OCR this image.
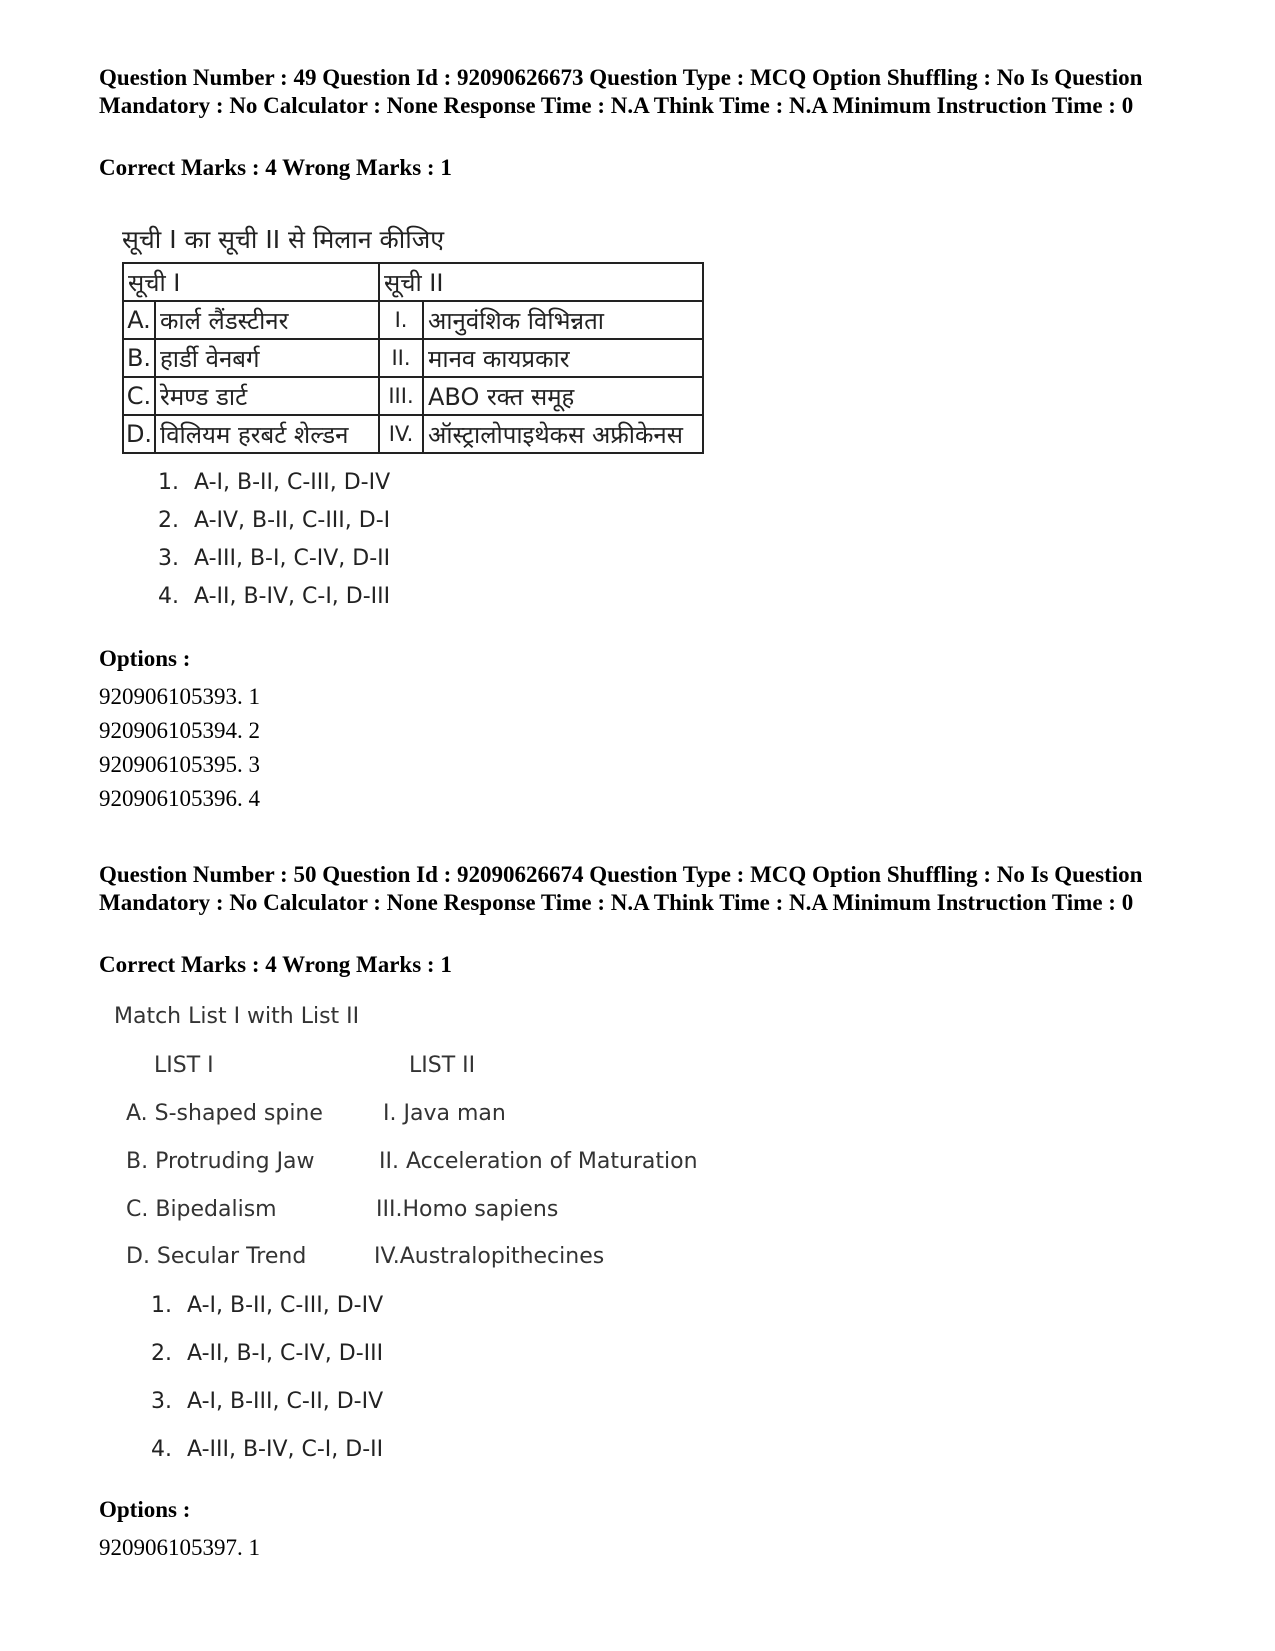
Question Number : 49 Question Id : 92090626673 Question Type : MCQ Option Shuffling : No Is Question Mandatory : No Calculator : None Response Time : N.A Think Time : N.A Minimum Instruction Time : 0
Correct Marks : 4 Wrong Marks : 1
सूची I का सूची II से मिलान कीजिए
सूची I		सूची II	
A.	कार्ल लैंडस्टीनर	I.	आनुवंशिक विभिन्नता
B.	हार्डी वेनबर्ग	II.	मानव कायप्रकार
C.	रेमण्ड डार्ट	III.	ABO रक्त समूह
D.	विलियम हरबर्ट शेल्डन	IV.	ऑस्ट्रालोपाइथेकस अफ्रीकेनस
1. A-I, B-II, C-III, D-IV
2. A-IV, B-II, C-III, D-I
3. A-III, B-I, C-IV, D-II
4. A-II, B-IV, C-I, D-III
Options :
920906105393. 1
920906105394. 2
920906105395. 3
920906105396. 4
Question Number : 50 Question Id : 92090626674 Question Type : MCQ Option Shuffling : No Is Question Mandatory : No Calculator : None Response Time : N.A Think Time : N.A Minimum Instruction Time : 0
Correct Marks : 4 Wrong Marks : 1
Match List I with List II
LIST I	LIST II
A. S-shaped spine	I. Java man
B. Protruding Jaw	II. Acceleration of Maturation
C. Bipedalism	III.Homo sapiens
D. Secular Trend	IV.Australopithecines
1. A-I, B-II, C-III, D-IV
2. A-II, B-I, C-IV, D-III
3. A-I, B-III, C-II, D-IV
4. A-III, B-IV, C-I, D-II
Options :
920906105397. 1
